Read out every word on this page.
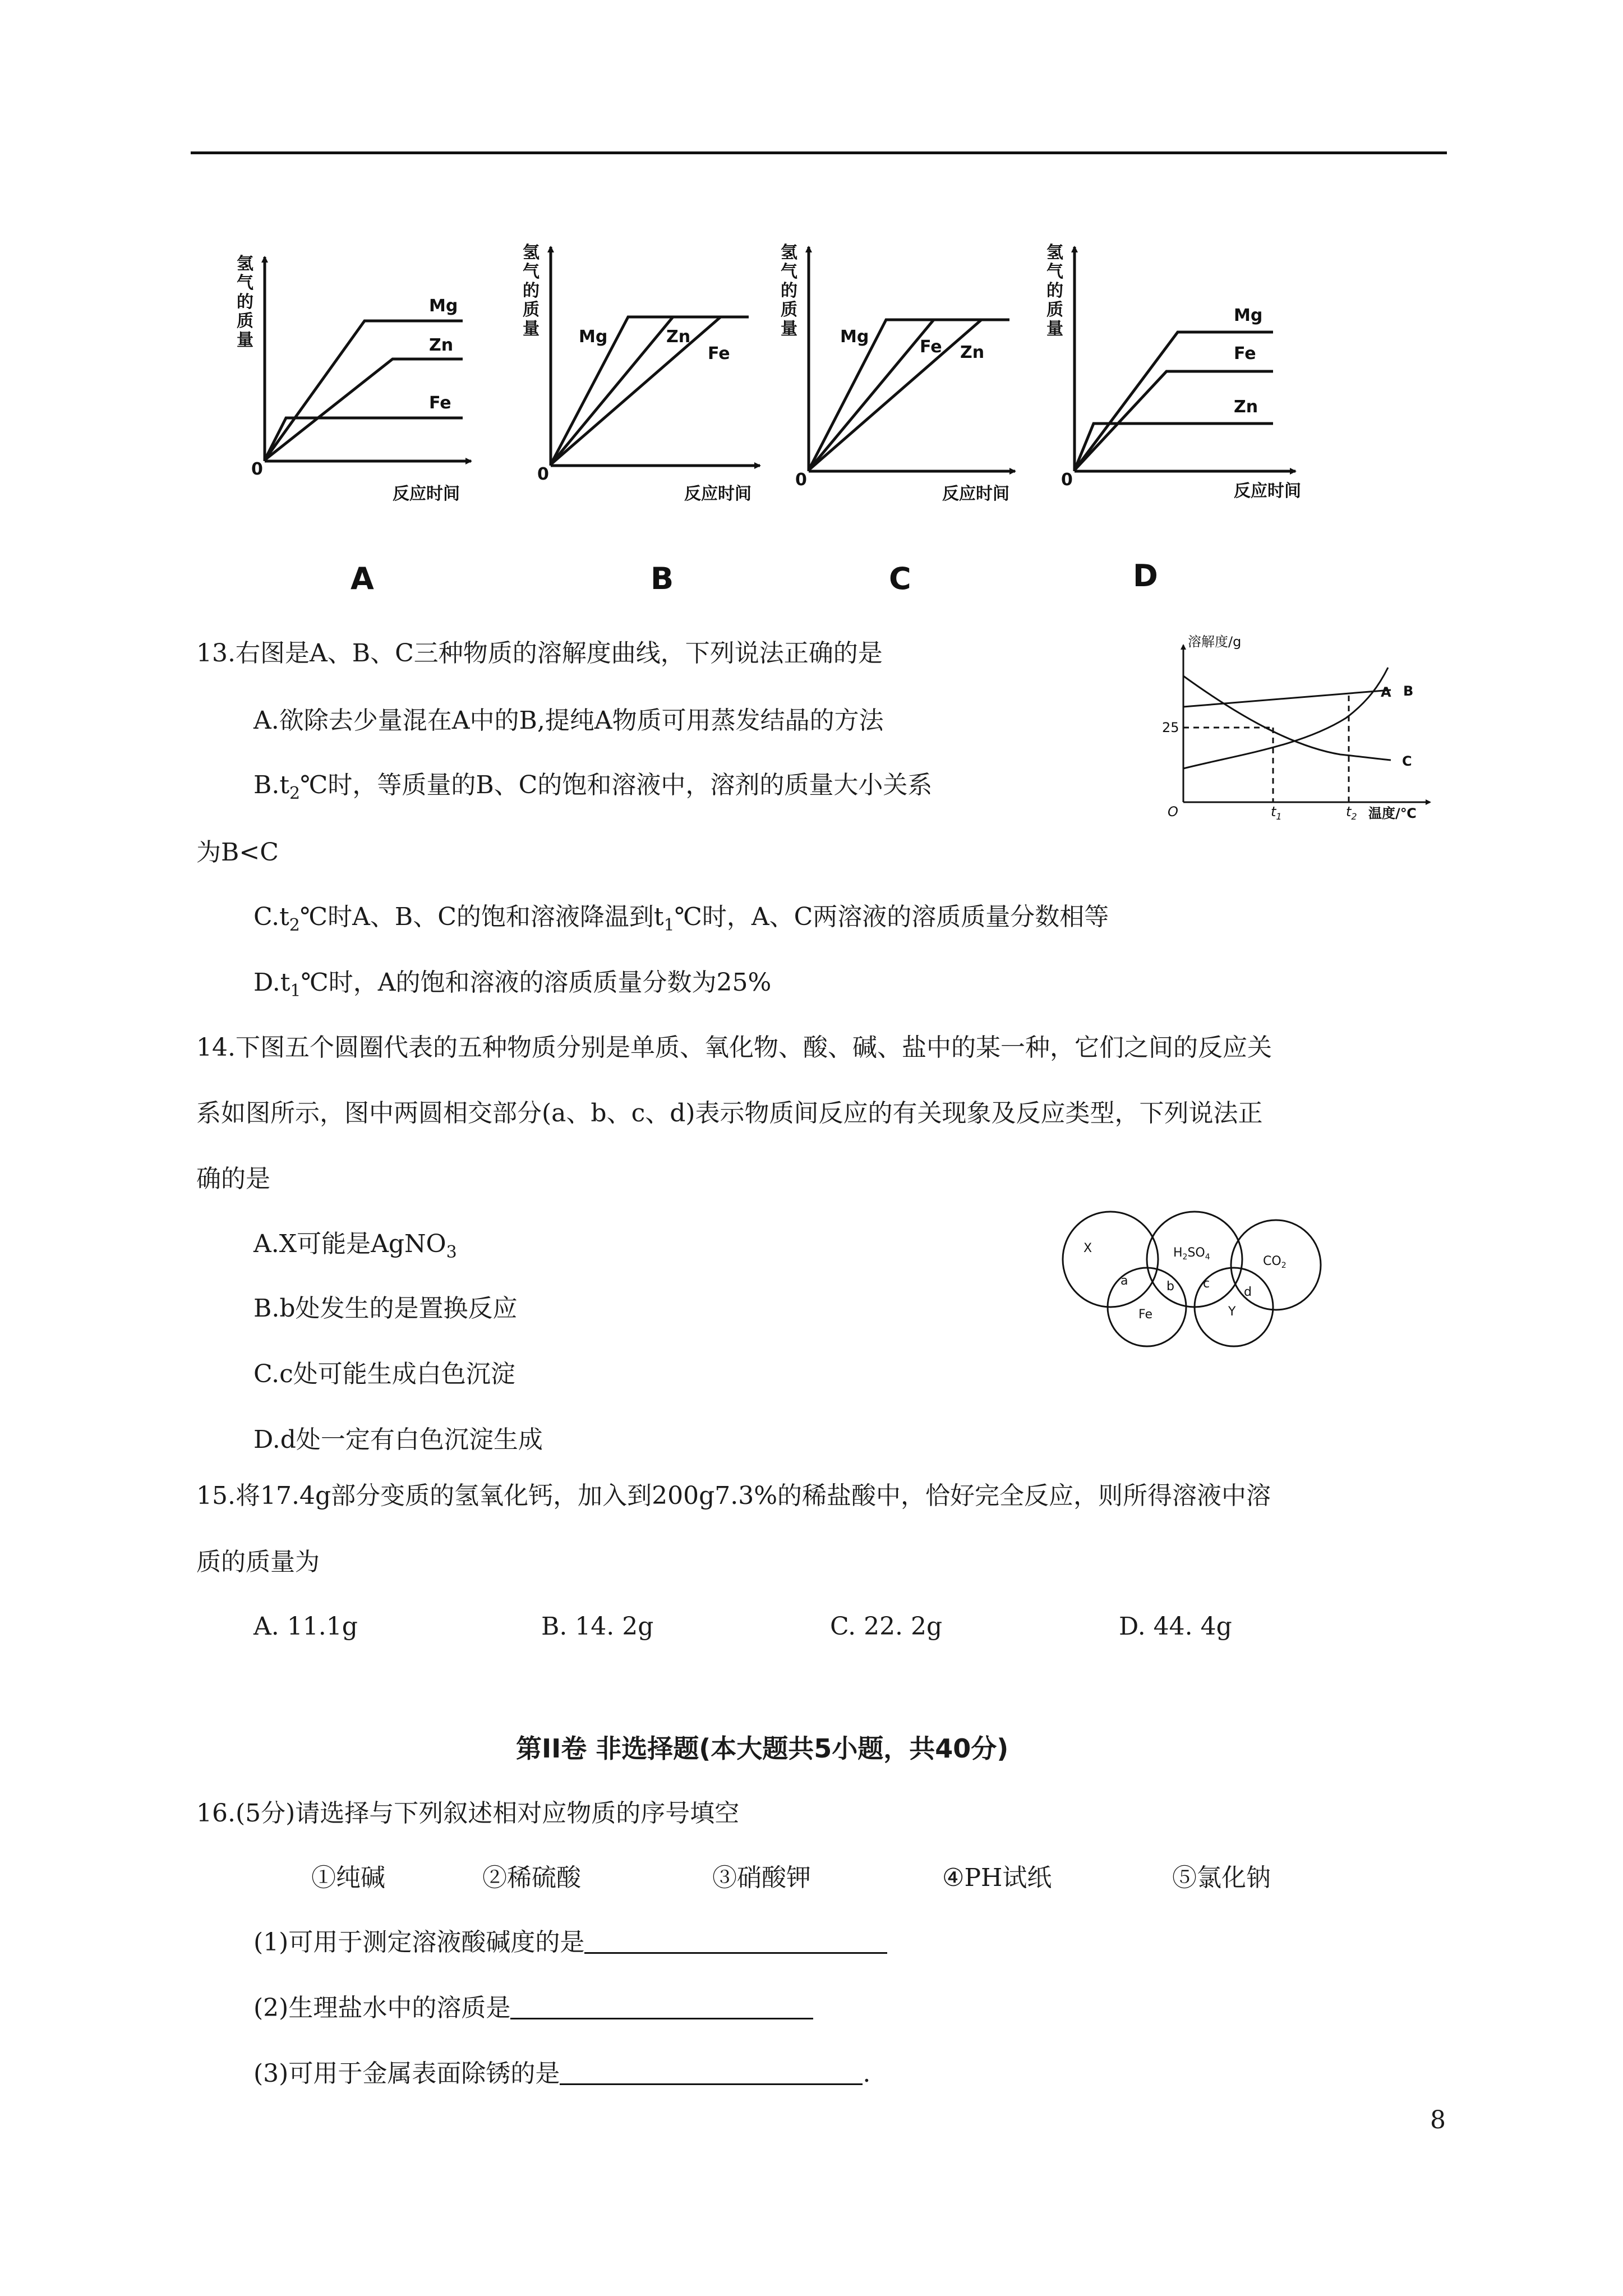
氢
气
的
质
量
氢
气
的
质
量
氢
气
的
质
量
氢
气
的
质
量
0	0	0	0
反应时间	反应时间	反应时间	反应时间
Mg
Zn
Fe
Mg	Zn
Fe
Mg
Fe Zn
Mg
Fe
Zn
A	B	C	D
13.右图是A、B、C三种物质的溶解度曲线，下列说法正确的是
A.欲除去少量混在A中的B,提纯A物质可用蒸发结晶的方法
$B.t_2℃$时，等质量的B、C的饱和溶液中，溶剂的质量大小关系
为B<C
$C.t_2℃$时A、B、C的饱和溶液降温到$t_1℃$时，A、C两溶液的溶质质量分数相等
$D.t_1℃$时，A的饱和溶液的溶质质量分数为25%
溶解度/g
O
25
$t_1$	$t_2$ 温度/℃
A B
C
14.下图五个圆圈代表的五种物质分别是单质、氧化物、酸、碱、盐中的某一种，它们之间的反应关
系如图所示，图中两圆相交部分(a、b、c、d)表示物质间反应的有关现象及反应类型，下列说法正
确的是
A.X可能是AgNO$_3$
B.b处发生的是置换反应
C.c处可能生成白色沉淀
D.d处一定有白色沉淀生成
X	$H_2SO_4$	$CO_2$
Fe	Y
a	b c
d
15.将17.4g部分变质的氢氧化钙，加入到200g7.3%的稀盐酸中，恰好完全反应，则所得溶液中溶
质的质量为
A. 11.1g	B. 14. 2g	C. 22. 2g	D. 44. 4g
第II卷 非选择题(本大题共5小题，共40分)
16.(5分)请选择与下列叙述相对应物质的序号填空
①纯碱	②稀硫酸	③硝酸钾	④PH试纸	⑤氯化钠
(1)可用于测定溶液酸碱度的是
(2)生理盐水中的溶质是
(3)可用于金属表面除锈的是	.
8
